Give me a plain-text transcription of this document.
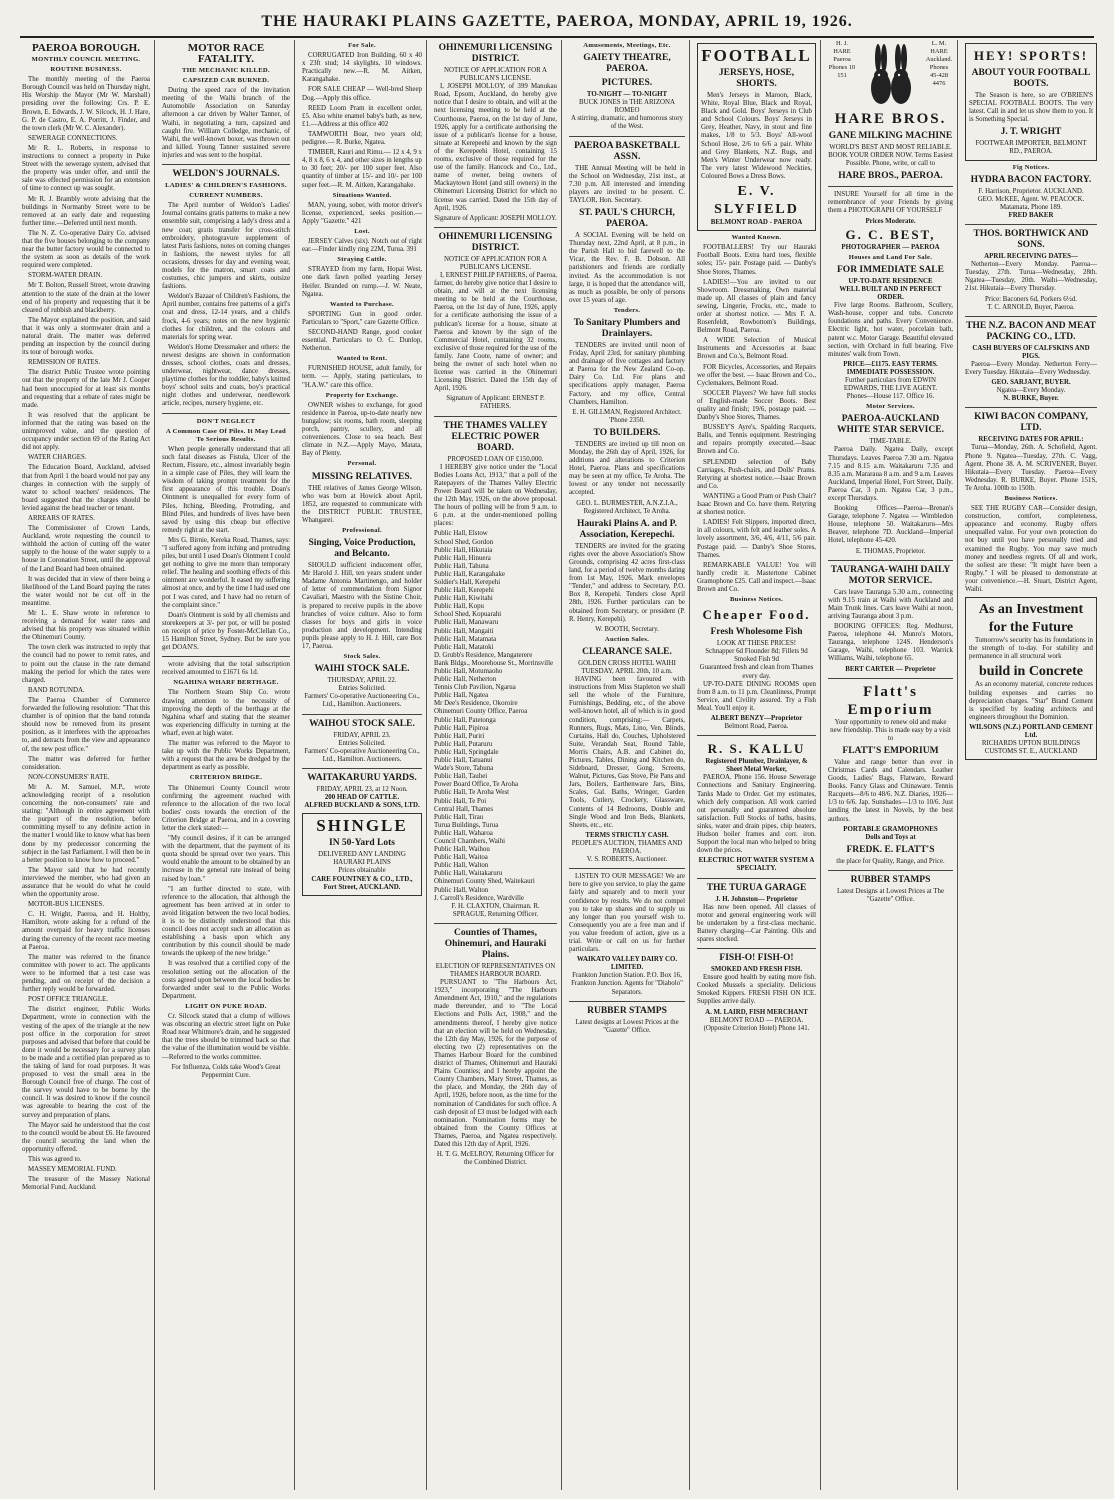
THE HAURAKI PLAINS GAZETTE, PAEROA, MONDAY, APRIL 19, 1926.
PAEROA BOROUGH.
MONTHLY COUNCIL MEETING.
ROUTINE BUSINESS.

The monthly meeting of the Paeroa Borough Council was held on Thursday night, His Worship the Mayor (Mr W. Marshall) presiding over the following: Crs. P. E. Brown, E. Edwards, J. W. Silcock, H. J. Hare, G. P. de Castro, E. A. Porritt, J. Finder, and the town clerk (Mr W. C. Alexander).

SEWERAGE CONNECTIONS.

Mr R. L. Roberts, in response to instructions to connect a property in Puke Street with the sewerage system, advised that the property was under offer, and until the sale was effected permission for an extension of time to connect up was sought.

Mr R. J. Brambly wrote advising that the buildings in Normanby Street were to be removed at an early date and requesting further time.—Deferred until next month.

The N. Z. Co-operative Dairy Co. advised that the five houses belonging to the company near the butter factory would be connected to the system as soon as details of the work required were completed.

STORM-WATER DRAIN.

Mr T. Bolton, Russell Street, wrote drawing attention to the state of the drain at the lower end of his property and requesting that it be cleared of rubbish and blackberry.

The Mayor explained the position, and said that it was only a stormwater drain and a natural drain. The matter was deferred pending an inspection by the council during its tour of borough works.

REMISSION OF RATES.

The district Public Trustee wrote pointing out that the property of the late Mr J. Cooper had been unoccupied for at least six months and requesting that a rebate of rates might be made.

It was resolved that the applicant be informed that the rating was based on the unimproved value, and the question of occupancy under section 69 of the Rating Act did not apply.

WATER CHARGES.

The Education Board, Auckland, advised that from April 1 the board would not pay any charges in connection with the supply of water to school teachers' residences. The board suggested that the charges should be levied against the head teacher or tenant.

ARREARS OF RATES.

The Commissioner of Crown Lands, Auckland, wrote requesting the council to withhold the action of cutting off the water supply to the house of the water supply to a house in Coronation Street, until the approval of the Land Board had been obtained.

It was decided that in view of there being a likelihood of the Land Board paying the rates the water would not be cut off in the meantime.

Mr L. E. Shaw wrote in reference to receiving a demand for water rates and advised that his property was situated within the Ohinemuri County.

The town clerk was instructed to reply that the council had no power to remit rates, and to point out the clause in the rate demand making the period for which the rates were charged.

BAND ROTUNDA.

The Paeroa Chamber of Commerce forwarded the following resolution: "That this chamber is of opinion that the band rotunda should now be removed from its present position, as it interferes with the approaches to, and detracts from the view and appearance of, the new post office."

The matter was deferred for further consideration.

NON-CONSUMERS' RATE.

Mr A. M. Samuel, M.P., wrote acknowledging receipt of a resolution concerning the non-consumers' rate and stating: "Although in entire agreement with the purport of the resolution, before committing myself to any definite action in the matter I would like to know what has been done by my predecessor concerning the subject in the last Parliament. I will then be in a better position to know how to proceed."

The Mayor said that he had recently interviewed the member, who had given an assurance that he would do what he could when the opportunity arose.

MOTOR-BUS LICENSES.

C. H. Wright, Paeroa, and H. Holtby, Hamilton, wrote asking for a refund of the amount overpaid for heavy traffic licenses during the currency of the recent race meeting at Paeroa.

The matter was referred to the finance committee with power to act. The applicants were to be informed that a test case was pending, and on receipt of the decision a further reply would be forwarded.

POST OFFICE TRIANGLE.

The district engineer, Public Works Department, wrote in connection with the vesting of the apex of the triangle at the new post office in the corporation for street purposes and advised that before that could be done it would be necessary for a survey plan to be made and a certified plan prepared as to the taking of land for road purposes. It was proposed to vest the small area in the Borough Council free of charge. The cost of the survey would have to be borne by the council. It was desired to know if the council was agreeable to bearing the cost of the survey and preparation of plans.

The Mayor said he understood that the cost to the council would be about £6. He favoured the council securing the land when the opportunity offered.

This was agreed to.

MASSEY MEMORIAL FUND.

The treasurer of the Massey National Memorial Fund, Auckland.

MOTOR RACE FATALITY.
THE MECHANIC KILLED.
CAPSIZED CAR BURNED.

During the speed race of the invitation meeting of the Waihi branch of the Automobile Association on Saturday afternoon a car driven by Walter Tanner, of Waihi, in negotiating a turn, capsized and caught fire. William Colledge, mechanic, of Waihi, the well-known boxer, was thrown out and killed. Young Tanner sustained severe injuries and was sent to the hospital.

WELDON'S JOURNALS.
LADIES' & CHILDREN'S FASHIONS.
CURRENT NUMBERS.

The April number of Weldon's Ladies' Journal contains gratis patterns to make a new ensemble suit, comprising a lady's dress and a new coat; gratis transfer for cross-stitch embroidery, photogravure supplement of latest Paris fashions, notes on coming changes in fashions, the newest styles for all occasions, dresses for day and evening wear, models for the matron, smart coats and costumes, chic jumpers and skirts, outsize fashions.

Weldon's Bazaar of Children's Fashions, the April number, contains free patterns of a girl's coat and dress, 12-14 years, and a child's frock, 4-6 years; notes on the new hygienic clothes for children, and the colours and materials for spring wear.

Weldon's Home Dressmaker and others: the newest designs are shown in conformation dresses, school clothes, coats and dresses, underwear, nightwear, dance dresses, playtime clothes for the toddler, baby's knitted boys' school suits and coats, boy's practical night clothes and underwear, needlework article, recipes, nursery hygiene, etc.

DON'T NEGLECT
A Common Case Of Piles. It May Lead To Serious Results.

When people generally understand that all such fatal diseases as Fistula, Ulcer of the Rectum, Fissure, etc., almost invariably begin in a simple case of Piles, they will learn the wisdom of taking prompt treatment for the first appearance of this trouble. Doan's Ointment is unequalled for every form of Piles, Itching, Bleeding, Protruding, and Blind Piles, and hundreds of lives have been saved by using this cheap but effective remedy right at the start.

Mrs G. Birnie, Kereka Road, Thames, says: "I suffered agony from itching and protruding piles, but until I used Doan's Ointment I could get nothing to give me more than temporary relief. The healing and soothing effects of this ointment are wonderful. It eased my suffering almost at once, and by the time I had used one pot I was cured, and I have had no return of the complaint since."

Doan's Ointment is sold by all chemists and storekeepers at 3/- per pot, or will be posted on receipt of price by Foster-McClellan Co., 15 Hamilton Street, Sydney. But be sure you get DOAN'S.

wrote advising that the total subscription received amounted to £1671 6s 1d.

NGAHINA WHARF BERTHAGE.

The Northern Steam Ship Co. wrote drawing attention to the necessity of improving the depth of the berthage at the Ngahina wharf and stating that the steamer was experiencing difficulty in turning at the wharf, even at high water.

The matter was referred to the Mayor to take up with the Public Works Department, with a request that the area be dredged by the department as early as possible.

CRITERION BRIDGE.

The Ohinemuri County Council wrote confirming the agreement reached with reference to the allocation of the two local bodies' costs towards the erection of the Criterion Bridge at Paeroa, and in a covering letter the clerk stated:—

"My council desires, if it can be arranged with the department, that the payment of its quota should be spread over two years. This would enable the amount to be obtained by an increase in the general rate instead of being raised by loan."

"I am further directed to state, with reference to the allocation, that although the agreement has been arrived at in order to avoid litigation between the two local bodies, it is to be distinctly understood that this council does not accept such an allocation as establishing a basis upon which any contribution by this council should be made towards the upkeep of the new bridge."

It was resolved that a certified copy of the resolution setting out the allocation of the costs agreed upon between the local bodies be forwarded under seal to the Public Works Department.

LIGHT ON PUKE ROAD.

Cr. Silcock stated that a clump of willows was obscuring an electric street light on Puke Road near Whitmore's drain, and he suggested that the trees should be trimmed back so that the value of the illumination would be visible.—Referred to the works committee.

For Influenza, Colds take Wood's Great Peppermint Cure.
For Sale.

CORRUGATED Iron Building, 60 x 40 x 23ft stud; 14 skylights, 10 windows. Practically new.—R. M. Aitken, Karangahake.

FOR SALE CHEAP — Well-bred Sheep Dog.—Apply this office.

REED Loom Pram in excellent order, £5. Also white enamel baby's bath, as new, £1.—Address at this office 402

TAMWORTH Boar, two years old; pedigree.— R. Burke, Ngatea.

TIMBER, Kauri and Rimu.— 12 x 4, 9 x 4, 8 x 8, 6 x 4, and other sizes in lengths up to 30 feet; 20/- per 100 super feet. Also quantity of timber at 15/- and 10/- per 100 super feet.—R. M. Aitken, Karangahake.

Situations Wanted.

MAN, young, sober, with motor driver's license, experienced, seeks position.—Apply "Gazette." 421

Lost.

JERSEY Calves (six). Notch out of right ear.—Finder kindly ring 22M, Turua. 391

Straying Cattle.

STRAYED from my farm, Hopai West, one dark fawn polled yearling Jersey Heifer. Branded on rump.—J. W. Neate, Ngatea.

Wanted to Purchase.

SPORTING Gun in good order. Particulars to "Sport," care Gazette Office.

SECOND-HAND Range, good cooker essential. Particulars to O. C. Dunlop, Netherton.

Wanted to Rent.

FURNISHED HOUSE, adult family, for term. — Apply, stating particulars, to "H.A.W." care this office.

Property for Exchange.

OWNER wishes to exchange, for good residence in Paeroa, up-to-date nearly new bungalow; six rooms, bath room, sleeping porch, pantry, scullery, and all conveniences. Close to sea beach. Best climate in N.Z.—Apply Mayo, Matata, Bay of Plenty.

Personal.
MISSING RELATIVES.

THE relatives of James George Wilson, who was born at Howick about April, 1852, are requested to communicate with the DISTRICT PUBLIC TRUSTEE, Whangarei.

Professional.
Singing, Voice Production, and Belcanto.

SHOULD sufficient inducement offer, Mr Harold J. Hill, ten years student under Madame Antonia Martinengo, and holder of letter of commendation from Signor Cavaliari, Maestro with the Sistine Choir, is prepared to receive pupils in the above branches of voice culture. Also to form classes for boys and girls in voice production and development. Intending pupils please apply to H. J. Hill, care Box 17, Paeroa.

Stock Sales.
WAIHI STOCK SALE.
THURSDAY, APRIL 22.
Entries Solicited.
Farmers' Co-operative Auctioneering Co., Ltd., Hamilton. Auctioneers.
WAIHOU STOCK SALE.
FRIDAY, APRIL 23.
Entries Solicited.
Farmers' Co-operative Auctioneering Co., Ltd., Hamilton. Auctioneers.
WAITAKARURU YARDS.
FRIDAY, APRIL 23, at 12 Noon.
200 HEAD OF CATTLE.
ALFRED BUCKLAND & SONS, LTD.
SHINGLE
IN 50-Yard Lots
DELIVERED ANY LANDING HAURAKI PLAINS
Prices obtainable
CARE FOUNTNEY & CO., LTD., Fort Street, AUCKLAND.
OHINEMURI LICENSING DISTRICT.
NOTICE OF APPLICATION FOR A PUBLICAN'S LICENSE.

I, JOSEPH MOLLOY, of 399 Manukau Road, Epsom, Auckland, do hereby give notice that I desire to obtain, and will at the next licensing meeting to be held at the Courthouse, Paeroa, on the 1st day of June, 1926, apply for a certificate authorising the issue of a publican's license for a house, situate at Kerepeehi and known by the sign of the Kerepeehi Hotel, containing 15 rooms, exclusive of those required for the use of the family. Hancock and Co., Ltd., name of owner, being owners of Mackaytown Hotel (and still owners) in the Ohinemuri Licensing District for which no license was carried. Dated the 15th day of April, 1926.

Signature of Applicant: JOSEPH MOLLOY.
OHINEMURI LICENSING DISTRICT.
NOTICE OF APPLICATION FOR A PUBLICAN'S LICENSE.

I, ERNEST PHILIP FATHERS, of Paeroa, farmer, do hereby give notice that I desire to obtain, and will at the next licensing meeting to be held at the Courthouse, Paeroa, on the 1st day of June, 1926, apply for a certificate authorising the issue of a publican's license for a house, situate at Paeroa and known by the sign of the Commercial Hotel, containing 32 rooms, exclusive of those required for the use of the family. Jane Coote, name of owner; and being the owner of such hotel when no license was carried in the Ohinemuri Licensing District. Dated the 15th day of April, 1926.

Signature of Applicant: ERNEST P. FATHERS.
THE THAMES VALLEY ELECTRIC POWER BOARD.
PROPOSED LOAN OF £150,000.

I HEREBY give notice under the "Local Bodies Loans Act, 1913," that a poll of the Ratepayers of the Thames Valley Electric Power Board will be taken on Wednesday, the 12th May, 1926, on the above proposal. The hours of polling will be from 9 a.m. to 6 p.m. at the under-mentioned polling places:

Public Hall, Elstow

School Shed, Gordon

Public Hall, Hikutaia

Public Hall, Hinuera

Public Hall, Tahuna

Public Hall, Karangahake

Soldier's Hall, Kerepehi

Public Hall, Kerepehi

Public Hall, Kiwitahi

Public Hall, Kopu

School Shed, Kopuarahi

Public Hall, Manawaru

Public Hall, Mangaiti

Public Hall, Matamata

Public Hall, Matatoki

D. Grubb's Residence, Mangaterere

Bank Bldgs., Moorehouse St., Morrinsville

Public Hall, Motumaoho

Public Hall, Netherton

Tennis Club Pavilion, Ngarua

Public Hall, Ngatea

Mr Dee's Residence, Okoroire

Ohinemuri County Office, Paeroa

Public Hall, Patetonga

Public Hall, Pipiroa

Public Hall, Puriri

Public Hall, Putaruru

Public Hall, Springdale

Public Hall, Tatuanui

Wade's Store, Tahuna

Public Hall, Tauhei

Power Board Office, Te Aroha

Public Hall, Te Aroha West

Public Hall, Te Poi

Central Hall, Thames

Public Hall, Tirau

Turua Buildings, Turua

Public Hall, Waharoa

Council Chambers, Waihi

Public Hall, Waihou

Public Hall, Waitoa

Public Hall, Walton

Public Hall, Waitakaruru

Ohinemuri County Shed, Waitekauri

Public Hall, Walton

J. Carroll's Residence, Wardville

F. H. CLAXTON, Chairman. R. SPRAGUE, Returning Officer.
Counties of Thames, Ohinemuri, and Hauraki Plains.
ELECTION OF REPRESENTATIVES ON THAMES HARBOUR BOARD.

PURSUANT to "The Harbours Act, 1923," incorporating "The Harbours Amendment Act, 1910," and the regulations made thereunder, and to "The Local Elections and Polls Act, 1908," and the amendments thereof, I hereby give notice that an election will be held on Wednesday, the 12th day May, 1926, for the purpose of electing two (2) representatives on the Thames Harbour Board for the combined district of Thames, Ohinemuri and Hauraki Plains Counties; and I hereby appoint the County Chambers, Mary Street, Thames, as the place, and Monday, the 26th day of April, 1926, before noon, as the time for the nomination of Candidates for such office. A cash deposit of £3 must be lodged with each nomination. Nomination forms may be obtained from the County Offices at Thames, Paeroa, and Ngatea respectively. Dated this 12th day of April, 1926.

H. T. G. McELROY, Returning Officer for the Combined District.
Amusements, Meetings, Etc.
GAIETY THEATRE, PAEROA.
PICTURES.
TO-NIGHT — TO-NIGHT
BUCK JONES in THE ARIZONA ROMEO
A stirring, dramatic, and humorous story of the West.
PAEROA BASKETBALL ASSN.

THE Annual Meeting will be held in the School on Wednesday, 21st inst., at 7.30 p.m. All interested and intending players are invited to be present. C. TAYLOR, Hon. Secretary.

ST. PAUL'S CHURCH, PAEROA.

A SOCIAL Evening will be held on Thursday next, 22nd April, at 8 p.m., in the Parish Hall to bid farewell to the Vicar, the Rev. F. B. Dobson. All parishioners and friends are cordially invited. As the accommodation is not large, it is hoped that the attendance will, as much as possible, be only of persons over 15 years of age.

Tenders.
To Sanitary Plumbers and Drainlayers.

TENDERS are invited until noon of Friday, April 23rd, for sanitary plumbing and drainage of five cottages and factory at Paeroa for the New Zealand Co-op. Dairy Co. Ltd. For plans and specifications apply manager, Paeroa Factory, and my office, Central Chambers, Hamilton.

E. H. GILLMAN, Registered Architect. 'Phone 2350.
TO BUILDERS.

TENDERS are invited up till noon on Monday, the 26th day of April, 1926, for additions and alterations to Criterion Hotel, Paeroa. Plans and specifications may be seen at my office, Te Aroha. The lowest or any tender not necessarily accepted.

GEO. L. BURMESTER, A.N.Z.I.A., Registered Architect, Te Aroha.
Hauraki Plains A. and P. Association, Kerepechi.

TENDERS are invited for the grazing rights over the above Association's Show Grounds, comprising 42 acres first-class land, for a period of twelve months dating from 1st May, 1926. Mark envelopes "Tender," and address to Secretary, P.O. Box 8, Kerepehi. Tenders close April 28th, 1926. Further particulars can be obtained from Secretary, or president (P. R. Henry, Kerepehi).

W. BOOTH, Secretary.
Auction Sales.
CLEARANCE SALE.
GOLDEN CROSS HOTEL WAIHI
TUESDAY, APRIL 20th, 10 a.m.

HAVING been favoured with instructions from Miss Stapleton we shall sell the whole of the Furniture, Furnishings, Bedding, etc., of the above well-known hotel, all of which is in good condition, comprising:— Carpets, Runners, Rugs, Mats, Lino, Ven. Blinds, Curtains, Hall do, Couches, Upholstered Suite, Verandah Seat, Round Table, Morris Chairs, A.B. and Cabinet do, Pictures, Tables, Dining and Kitchen do, Sideboard, Dresser, Gong, Screens, Walnut, Pictures, Gas Stove, Pie Pans and Jars, Boilers, Earthenware Jars, Bins, Scales, Gal. Baths, Wringer, Garden Tools, Cutlery, Crockery, Glassware, Contents of 14 Bedrooms, Double and Single Wood and Iron Beds, Blankets, Sheets, etc., etc.

TERMS STRICTLY CASH.
PEOPLE'S AUCTION, THAMES AND PAEROA.
V. S. ROBERTS, Auctioneer.

LISTEN TO OUR MESSAGE! We are here to give you service, to play the game fairly and squarely and to merit your confidence by results. We do not compel you to take up shares and to supply us any longer than you yourself wish to. Consequently you are a free man and if you value freedom of action, give us a trial. Write or call on us for further particulars.

WAIKATO VALLEY DAIRY CO. LIMITED.
Frankton Junction Station. P.O. Box 16, Frankton Junction. Agents for "Diabolo" Separators.
RUBBER STAMPS
Latest designs at Lowest Prices at the "Gazette" Office.
FOOTBALL
JERSEYS, HOSE, SHORTS.

Men's Jerseys in Maroon, Black, White, Royal Blue, Black and Royal, Black and Gold. Boys' Jerseys in Club and School Colours. Boys' Jerseys in Grey, Heather, Navy, in stout and fine makes, 1/8 to 5/3. Boys' All-wool School Hose, 2/6 to 6/6 a pair. White and Grey Blankets, N.Z. Rugs, and Men's Winter Underwear now ready. The very latest Widewood Neckties, Coloured Bows a Dress Bows.

E. V. SLYFIELD
BELMONT ROAD - PAEROA
Wanted Known.

FOOTBALLERS! Try our Hauraki Football Boots. Extra hard toes, flexible soles; 15/- pair. Postage paid. — Danby's Shoe Stores, Thames.

LADIES!—You are invited to our Showroom. Dressmaking. Own material made up. All classes of plain and fancy sewing, Lingerie, Frocks, etc., made to order at shortest notice. — Mrs F. A. Rosenfeldt, Rowbottom's Buildings, Belmont Road, Paeroa.

A WIDE Selection of Musical Instruments and Accessories at Isaac Brown and Co.'s, Belmont Road.

FOR Bicycles, Accessories, and Repairs we offer the best. — Isaac Brown and Co., Cyclemakers, Belmont Road.

SOCCER Players? We have full stocks of English-made Soccer Boots. Best quality and finish; 19/6, postage paid. — Danby's Shoe Stores, Thames.

BUSSEY'S Ayre's, Spalding Racquets, Balls, and Tennis equipment. Restringing and repairs promptly executed.—Isaac Brown and Co.

SPLENDID selection of Baby Carriages, Push-chairs, and Dolls' Prams. Retyring at shortest notice.—Isaac Brown and Co.

WANTING a Good Pram or Push Chair? Isaac Brown and Co. have them. Retyring at shortest notice.

LADIES! Felt Slippers, imported direct, in all colours, with felt and leather soles. A lovely assortment, 3/6, 4/6, 4/11, 5/6 pair. Postage paid. — Danby's Shoe Stores, Thames.

REMARKABLE VALUE! You will hardly credit it. Mastertone Cabinet Gramophone £25. Call and inspect.—Isaac Brown and Co.

Business Notices.
Cheaper Food.
Fresh Wholesome Fish
LOOK AT THESE PRICES!
Schnapper 6d Flounder 8d; Fillets 9d Smoked Fish 9d
Guaranteed fresh and clean from Thames every day.

UP-TO-DATE DINING ROOMS open from 8 a.m. to 11 p.m. Cleanliness, Prompt Service, and Civility assured. Try a Fish Meal. You'll enjoy it.

ALBERT BENZY—Proprietor
Belmont Road, Paeroa.
R. S. KALLU
Registered Plumber, Drainlayer, & Sheet Metal Worker,

PAEROA. Phone 156. House Sewerage Connections and Sanitary Engineering. Tanks Made to Order. Get my estimates, which defy comparison. All work carried out personally and guaranteed absolute satisfaction. Full Stocks of baths, basins, sinks, water and drain pipes, chip heaters, Hudson boiler frames and corr. iron. Support the local man who helped to bring down the prices.

ELECTRIC HOT WATER SYSTEM A SPECIALTY.
THE TURUA GARAGE
J. H. Johnston— Proprietor

Has now been opened. All classes of motor and general engineering work will be undertaken by a first-class mechanic. Battery charging—Car Painting. Oils and spares stocked.

FISH-O! FISH-O!
SMOKED AND FRESH FISH.

Ensure good health by eating more fish. Cooked Mussels a speciality. Delicious Smoked Kippers. FRESH FISH ON ICE. Supplies arrive daily.

A. M. LAIRD, FISH MERCHANT
BELMONT ROAD — PAEROA. (Opposite Criterion Hotel) Phone 141.
H. J. HARE Paeroa Phones 10 151
L. M. HARE Auckland. Phones 45-428 4476
HARE BROS.
GANE MILKING MACHINE
WORLD'S BEST AND MOST RELIABLE.
BOOK YOUR ORDER NOW. Terms Easiest Possible. Phone, write, or call to
HARE BROS., PAEROA.

INSURE Yourself for all time in the remembrance of your Friends by giving them a PHOTOGRAPH OF YOURSELF

Prices Moderate.
G. C. BEST,
PHOTOGRAPHER — PAEROA
Houses and Land For Sale.
FOR IMMEDIATE SALE
UP-TO-DATE RESIDENCE
WELL BUILT AND IN PERFECT ORDER.

Five large Rooms. Bathroom, Scullery, Wash-house, copper and tubs. Concrete foundations and paths. Every Convenience. Electric light, hot water, porcelain bath, patent w.c. Motor Garage. Beautiful elevated section, with Orchard in full bearing. Five minutes' walk from Town.

PRICE—£1175. EASY TERMS.
IMMEDIATE POSSESSION.
Further particulars from EDWIN EDWARDS, THE LIVE AGENT.
Phones—House 117. Office 16.
Motor Services.
PAEROA-AUCKLAND WHITE STAR SERVICE.
TIME-TABLE.

Paeroa Daily. Ngatea Daily, except Thursdays. Leaves Paeroa 7.30 a.m. Ngatea 7.15 and 8.15 a.m. Waitakaruru 7.35 and 8.35 a.m. Mararaua 8 a.m. and 9 a.m. Leaves Auckland, Imperial Hotel, Fort Street, Daily. Paeroa Car, 3 p.m. Ngatea Car, 3 p.m., except Thursdays.

Booking Offices—Paeroa—Brenan's Garage, telephone 7. Ngatea — Wimbledon House, telephone 50. Waitakaruru—Mrs Beaver, telephone 7D. Auckland—Imperial Hotel, telephone 45-420.

E. THOMAS, Proprietor.
TAURANGA-WAIHI DAILY MOTOR SERVICE.

Cars leave Tauranga 5.30 a.m., connecting with 9.15 train at Waihi with Auckland and Main Trunk lines. Cars leave Waihi at noon, arriving Tauranga about 3 p.m.

BOOKING OFFICES: Reg. Medhurst, Paeroa, telephone 44. Munro's Motors, Tauranga, telephone 124S. Henderson's Garage, Waihi, telephone 103. Warrick Williams, Waihi, telephone 65.

BERT CARTER — Proprietor
Flatt's Emporium
Your opportunity to renew old and make new friendship. This is made easy by a visit to
FLATT'S EMPORIUM

Value and range better than ever in Christmas Cards and Calendars. Leather Goods, Ladies' Bags, Flatware, Reward Books. Fancy Glass and Chinaware. Tennis Racquets—8/6 to 48/6. N.Z. Diaries, 1926—1/3 to 6/6. Jap. Sunshades—1/3 to 10/6. Just landing the latest in Novels, by the best authors.

PORTABLE GRAMOPHONES
Dolls and Toys at
FREDK. E. FLATT'S
the place for Quality, Range, and Price.
RUBBER STAMPS
Latest Designs at Lowest Prices at The "Gazette" Office.
HEY! SPORTS!
ABOUT YOUR FOOTBALL BOOTS.

The Season is here, so are O'BRIEN'S SPECIAL FOOTBALL BOOTS. The very latest. Call in and let us show them to you. It is Something Special.

J. T. WRIGHT
FOOTWEAR IMPORTER, BELMONT RD., PAEROA.
Fig Notices.
HYDRA BACON FACTORY.
F. Harrison, Proprietor. AUCKLAND.
GEO. McKEE, Agent. W. PEACOCK. Matamata, Phone 189.
FRED BAKER
THOS. BORTHWICK AND SONS.
APRIL RECEIVING DATES—

Netherton—Every Monday. Paeroa—Tuesday, 27th. Turua—Wednesday, 28th. Ngatea—Tuesday, 20th. Waihi—Wednesday, 21st. Hikutaia—Every Thursday.

Price: Baconers 6d, Porkers 6½d.
T. C. ARNOLD, Buyer, Paeroa.
THE N.Z. BACON AND MEAT PACKING CO., LTD.
CASH BUYERS OF CALFSKINS AND PIGS.

Paeroa—Every Monday. Netherton Ferry—Every Tuesday. Hikutaia—Every Wednesday.

GEO. SARJANT, BUYER.
Ngatea—Every Monday.
N. BURKE, Buyer.
KIWI BACON COMPANY, LTD.
RECEIVING DATES FOR APRIL:

Turua—Monday, 26th. A. Schofield, Agent. Phone 9. Ngatea—Tuesday, 27th. C. Vagg, Agent. Phone 38. A. M. SCRIVENER, Buyer. Hikutaia—Every Tuesday. Paeroa—Every Wednesday. R. BURKE, Buyer. Phone 151S, Te Aroha. 100lb to 150lb.

Business Notices.

SEE THE RUGBY CAR—Consider design, construction, comfort, completeness, appearance and economy. Rugby offers unequalled value. For your own protection do not buy until you have personally tried and examined the Rugby. You may save much money and needless regrets. Of all and work, the soliest are these: "It might have been a Rugby." I will be pleased to demonstrate at your convenience.—H. Stuart, District Agent, Waihi.

As an Investment for the Future

Tomorrow's security has its foundations in the strength of to-day. For stability and permanence in all structural work

build in Concrete

As an economy material, concrete reduces building expenses and carries no depreciation charges. "Star" Brand Cement is specified by leading architects and engineers throughout the Dominion.

WILSONS (N.Z.) PORTLAND CEMENT Ltd.
RICHARDS UPTON BUILDINGS CUSTOMS ST. E., AUCKLAND
